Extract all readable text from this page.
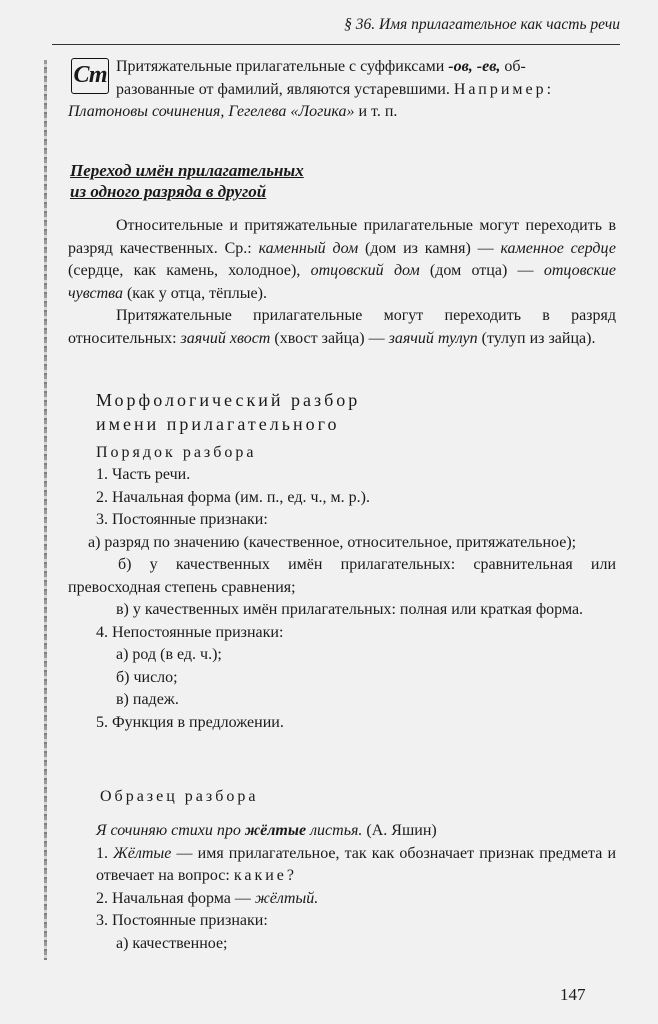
§ 36. Имя прилагательное как часть речи
Ст Притяжательные прилагательные с суффиксами -ов, -ев, об-
разованные от фамилий, являются устаревшими. Например:
Платоновы сочинения, Гегелева «Логика» и т. п.
Переход имён прилагательных
из одного разряда в другой

Относительные и притяжательные прилагательные могут переходить в разряд качественных. Ср.: каменный дом (дом из камня) — каменное сердце (сердце, как камень, холодное), отцовский дом (дом отца) — отцовские чувства (как у отца, тёплые).

Притяжательные прилагательные могут переходить в разряд относительных: заячий хвост (хвост зайца) — заячий тулуп (тулуп из зайца).

Морфологический разбор
имени прилагательного
Порядок разбора
1. Часть речи.
2. Начальная форма (им. п., ед. ч., м. р.).
3. Постоянные признаки:

а) разряд по значению (качественное, относительное, притяжательное);

б) у качественных имён прилагательных: сравнительная или превосходная степень сравнения;

в) у качественных имён прилагательных: полная или краткая форма.

4. Непостоянные признаки:
а) род (в ед. ч.);
б) число;
в) падеж.
5. Функция в предложении.
Образец разбора
Я сочиняю стихи про жёлтые листья. (А. Яшин)

1. Жёлтые — имя прилагательное, так как обозначает признак предмета и отвечает на вопрос: какие?

2. Начальная форма — жёлтый.
3. Постоянные признаки:
а) качественное;
147
